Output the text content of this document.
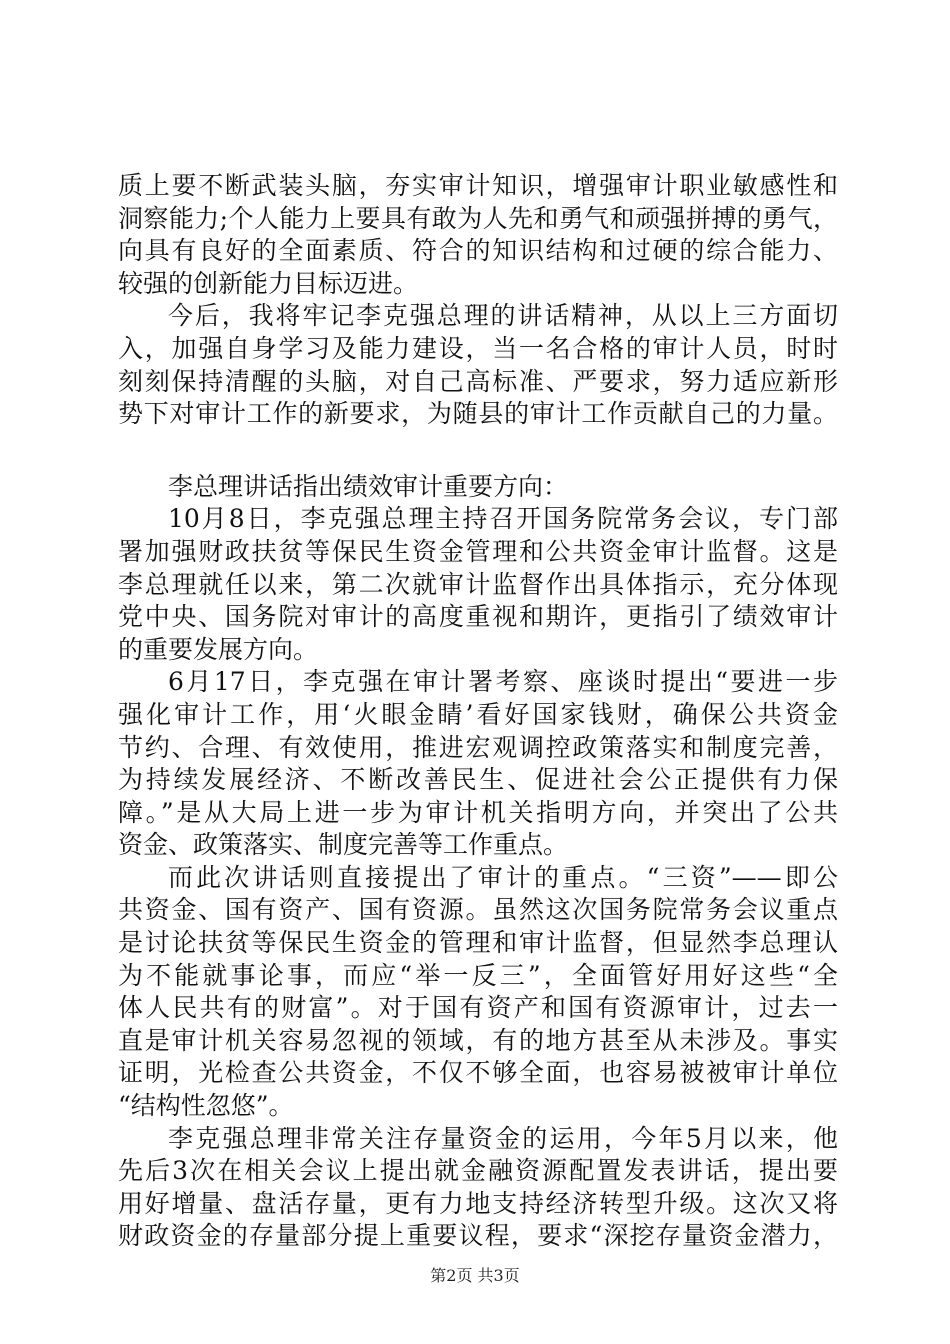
质上要不断武装头脑，夯实审计知识，增强审计职业敏感性和
洞察能力;个人能力上要具有敢为人先和勇气和顽强拼搏的勇气，
向具有良好的全面素质、符合的知识结构和过硬的综合能力、
较强的创新能力目标迈进。
今后，我将牢记李克强总理的讲话精神，从以上三方面切
入，加强自身学习及能力建设，当一名合格的审计人员，时时
刻刻保持清醒的头脑，对自己高标准、严要求，努力适应新形
势下对审计工作的新要求，为随县的审计工作贡献自己的力量。
李总理讲话指出绩效审计重要方向：
10月8日，李克强总理主持召开国务院常务会议，专门部
署加强财政扶贫等保民生资金管理和公共资金审计监督。这是
李总理就任以来，第二次就审计监督作出具体指示，充分体现
党中央、国务院对审计的高度重视和期许，更指引了绩效审计
的重要发展方向。
6月17日，李克强在审计署考察、座谈时提出“要进一步
强化审计工作，用‘火眼金睛’看好国家钱财，确保公共资金
节约、合理、有效使用，推进宏观调控政策落实和制度完善，
为持续发展经济、不断改善民生、促进社会公正提供有力保
障。”是从大局上进一步为审计机关指明方向，并突出了公共
资金、政策落实、制度完善等工作重点。
而此次讲话则直接提出了审计的重点。“三资”——即公
共资金、国有资产、国有资源。虽然这次国务院常务会议重点
是讨论扶贫等保民生资金的管理和审计监督，但显然李总理认
为不能就事论事，而应“举一反三”，全面管好用好这些“全
体人民共有的财富”。对于国有资产和国有资源审计，过去一
直是审计机关容易忽视的领域，有的地方甚至从未涉及。事实
证明，光检查公共资金，不仅不够全面，也容易被被审计单位
“结构性忽悠”。
李克强总理非常关注存量资金的运用，今年5月以来，他
先后3次在相关会议上提出就金融资源配置发表讲话，提出要
用好增量、盘活存量，更有力地支持经济转型升级。这次又将
财政资金的存量部分提上重要议程，要求“深挖存量资金潜力，
第2页 共3页
